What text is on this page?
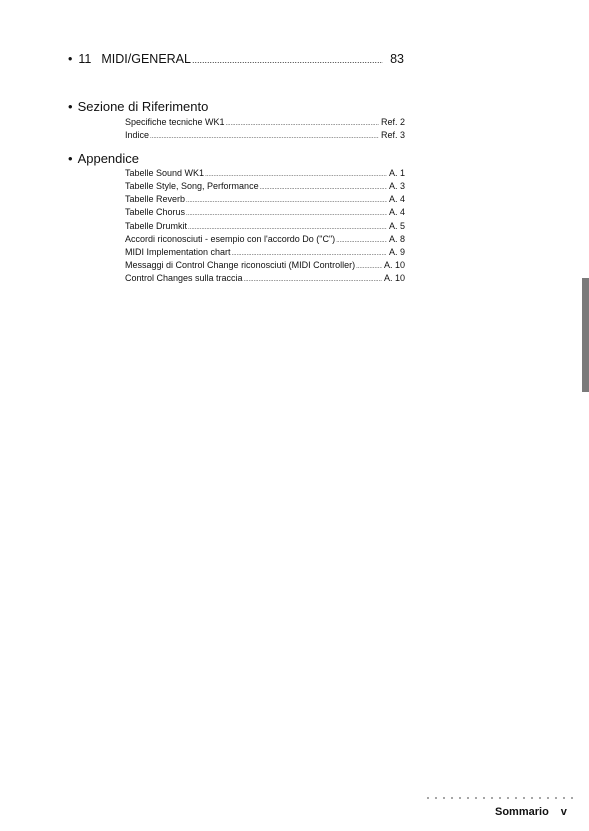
• 11 MIDI/GENERAL .....	83
• Sezione di Riferimento
Specifiche tecniche WK1 .....	Ref. 2
Indice .....	Ref. 3
• Appendice
Tabelle Sound WK1 .....	A. 1
Tabelle Style, Song, Performance .....	A. 3
Tabelle Reverb .....	A. 4
Tabelle Chorus .....	A. 4
Tabelle Drumkit .....	A. 5
Accordi riconosciuti - esempio con l'accordo Do ("C") .....	A. 8
MIDI Implementation chart .....	A. 9
Messaggi di Control Change riconosciuti (MIDI Controller) .....	A. 10
Control Changes sulla traccia .....	A. 10
Sommario v
